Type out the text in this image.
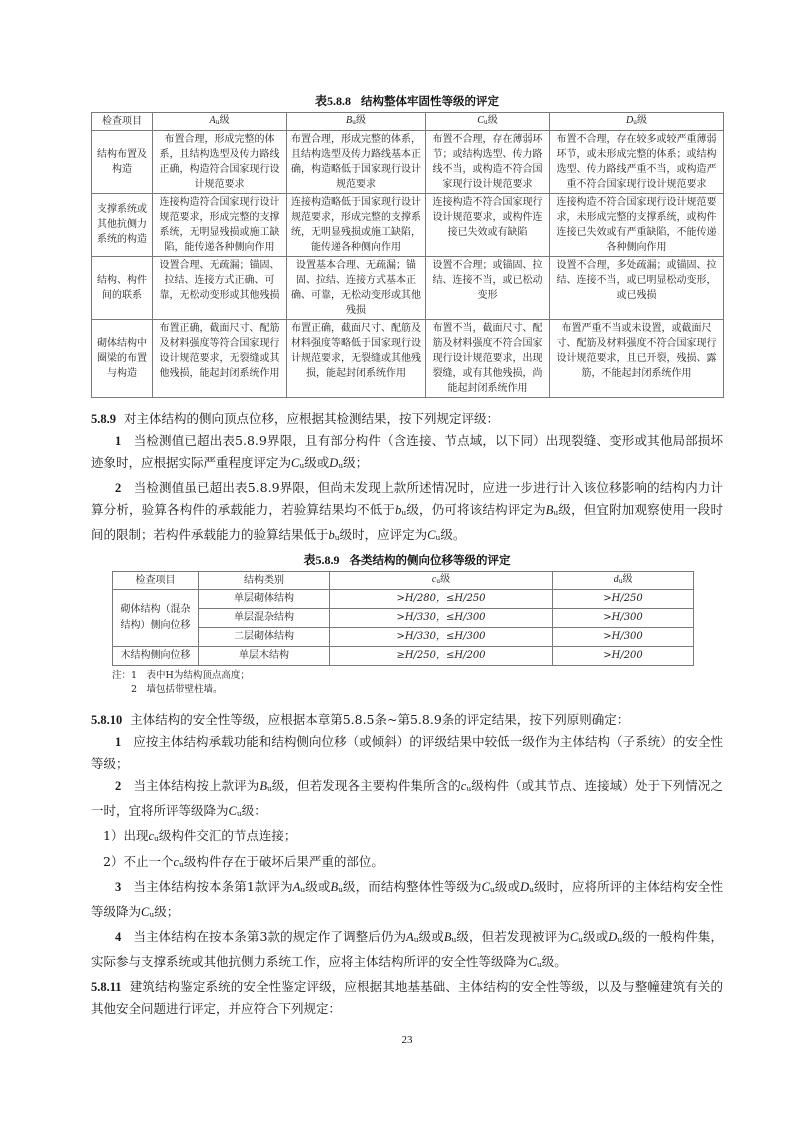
表5.8.8 结构整体牢固性等级的评定
检查项目	Au级	Bu级	Cu级	Du级
结构布置及构造	布置合理，形成完整的体系，且结构选型及传力路线正确，构造符合国家现行设计规范要求	布置合理，形成完整的体系，且结构选型及传力路线基本正确，构造略低于国家现行设计规范要求	布置不合理，存在薄弱环节；或结构选型、传力路线不当，或构造不符合国家现行设计规范要求	布置不合理，存在较多或较严重薄弱环节，或未形成完整的体系；或结构选型、传力路线严重不当，或构造严重不符合国家现行设计规范要求
支撑系统或其他抗侧力系统的构造	连接构造符合国家现行设计规范要求，形成完整的支撑系统，无明显残损或施工缺陷，能传递各种侧向作用	连接构造略低于国家现行设计规范要求，形成完整的支撑系统，无明显残损或施工缺陷，能传递各种侧向作用	连接构造不符合国家现行设计规范要求，或构件连接已失效或有缺陷	连接构造不符合国家现行设计规范要求，未形成完整的支撑系统，或构件连接已失效或有严重缺陷，不能传递各种侧向作用
结构、构件间的联系	设置合理、无疏漏；锚固、拉结、连接方式正确、可靠，无松动变形或其他残损	设置基本合理、无疏漏；锚固、拉结、连接方式基本正确、可靠，无松动变形或其他残损	设置不合理；或锚固、拉结、连接不当，或已松动变形	设置不合理，多处疏漏；或锚固、拉结、连接不当，或已明显松动变形，或已残损
砌体结构中圈梁的布置与构造	布置正确，截面尺寸、配筋及材料强度等符合国家现行设计规范要求，无裂缝或其他残损，能起封闭系统作用	布置正确，截面尺寸、配筋及材料强度等略低于国家现行设计规范要求，无裂缝或其他残损，能起封闭系统作用	布置不当，截面尺寸、配筋及材料强度不符合国家现行设计规范要求，出现裂缝，或有其他残损，尚能起封闭系统作用	布置严重不当或未设置，或截面尺寸、配筋及材料强度不符合国家现行设计规范要求，且已开裂，残损、露筋，不能起封闭系统作用
5.8.9 对主体结构的侧向顶点位移，应根据其检测结果，按下列规定评级：
1 当检测值已超出表5.8.9界限，且有部分构件（含连接、节点域，以下同）出现裂缝、变形或其他局部损坏迹象时，应根据实际严重程度评定为Cu级或Du级；
2 当检测值虽已超出表5.8.9界限，但尚未发现上款所述情况时，应进一步进行计入该位移影响的结构内力计算分析，验算各构件的承载能力，若验算结果均不低于bu级，仍可将该结构评定为Bu级，但宜附加观察使用一段时间的限制；若构件承载能力的验算结果低于bu级时，应评定为Cu级。
表5.8.9 各类结构的侧向位移等级的评定
检查项目	结构类别	cu级	du级
砌体结构（混杂结构）侧向位移	单层砌体结构	>H/280，≤H/250	>H/250
	单层混杂结构	>H/330，≤H/300	>H/300
	二层砌体结构	>H/330，≤H/300	>H/300
木结构侧向位移	单层木结构	≥H/250，≤H/200	>H/200
注：1　表中H为结构顶点高度；
2　墙包括带壁柱墙。
5.8.10 主体结构的安全性等级，应根据本章第5.8.5条~第5.8.9条的评定结果，按下列原则确定：
1 应按主体结构承载功能和结构侧向位移（或倾斜）的评级结果中较低一级作为主体结构（子系统）的安全性等级；
2 当主体结构按上款评为Bu级，但若发现各主要构件集所含的cu级构件（或其节点、连接域）处于下列情况之一时，宜将所评等级降为Cu级：
1）出现cu级构件交汇的节点连接；
2）不止一个cu级构件存在于破坏后果严重的部位。
3 当主体结构按本条第1款评为Au级或Bu级，而结构整体性等级为Cu级或Du级时，应将所评的主体结构安全性等级降为Cu级；
4 当主体结构在按本条第3款的规定作了调整后仍为Au级或Bu级，但若发现被评为Cu级或Du级的一般构件集，实际参与支撑系统或其他抗侧力系统工作，应将主体结构所评的安全性等级降为Cu级。
5.8.11 建筑结构鉴定系统的安全性鉴定评级，应根据其地基基础、主体结构的安全性等级，以及与整幢建筑有关的其他安全问题进行评定，并应符合下列规定：
23
